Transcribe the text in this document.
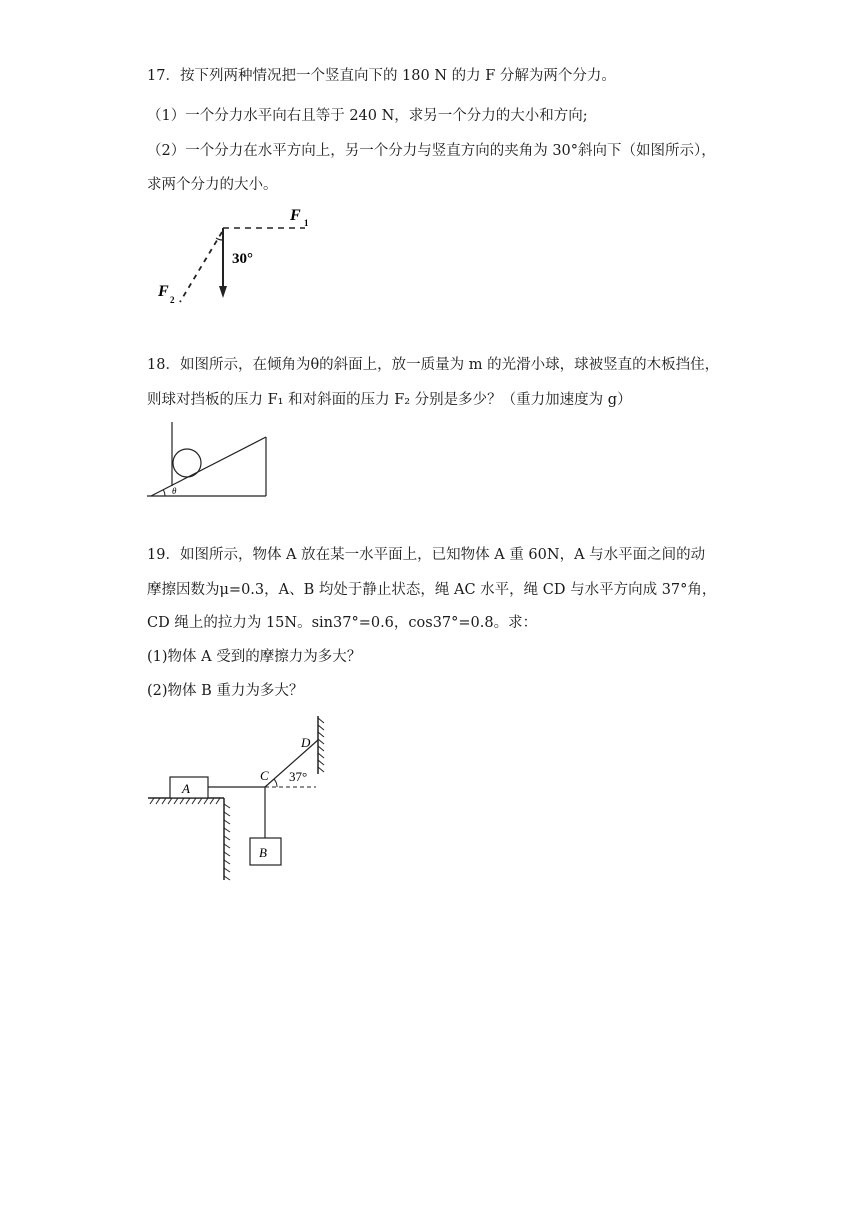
17．按下列两种情况把一个竖直向下的 180 N 的力 F 分解为两个分力。
（1）一个分力水平向右且等于 240 N，求另一个分力的大小和方向;
（2）一个分力在水平方向上，另一个分力与竖直方向的夹角为 30°斜向下（如图所示），
求两个分力的大小。
F 1
F 2
30°
18．如图所示，在倾角为θ的斜面上，放一质量为 m 的光滑小球，球被竖直的木板挡住，
则球对挡板的压力 F₁ 和对斜面的压力 F₂ 分别是多少？（重力加速度为 g）
θ
19．如图所示，物体 A 放在某一水平面上，已知物体 A 重 60N，A 与水平面之间的动
摩擦因数为μ=0.3，A、B 均处于静止状态，绳 AC 水平，绳 CD 与水平方向成 37°角，
CD 绳上的拉力为 15N。sin37°=0.6，cos37°=0.8。求：
(1)物体 A 受到的摩擦力为多大？
(2)物体 B 重力为多大？
A
D
C 37°
B
